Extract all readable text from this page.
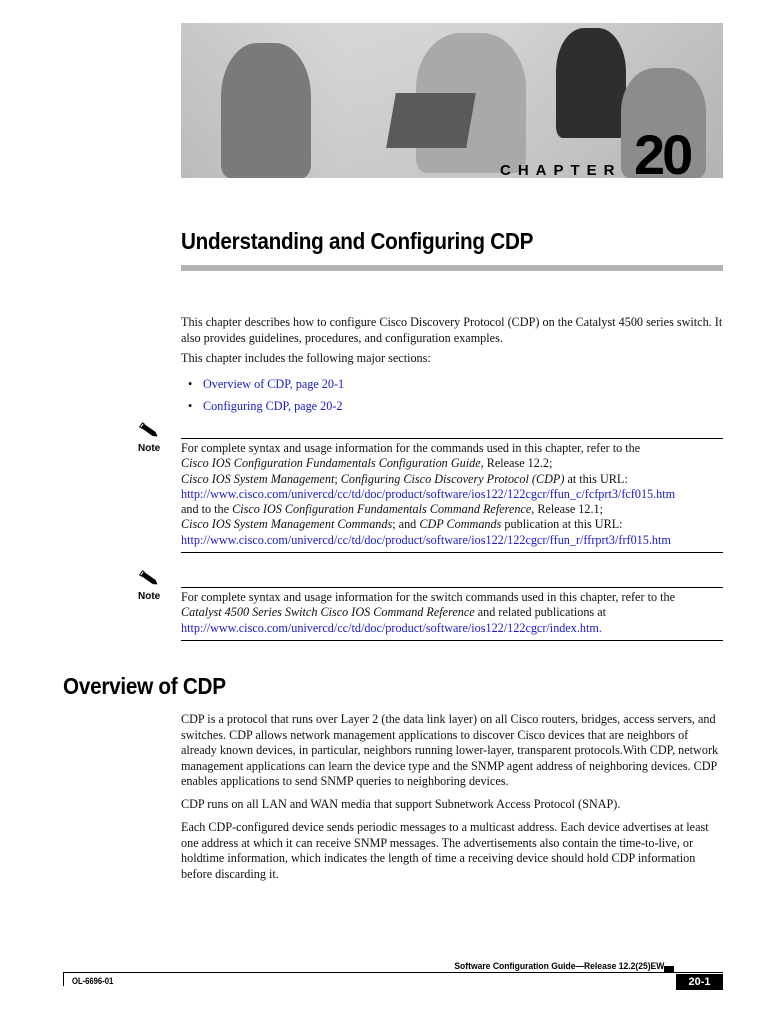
CHAPTER 20
Understanding and Configuring CDP

This chapter describes how to configure Cisco Discovery Protocol (CDP) on the Catalyst 4500 series switch. It also provides guidelines, procedures, and configuration examples.

This chapter includes the following major sections:

• Overview of CDP, page 20-1
• Configuring CDP, page 20-2
Note For complete syntax and usage information for the commands used in this chapter, refer to the
Cisco IOS Configuration Fundamentals Configuration Guide, Release 12.2;
Cisco IOS System Management; Configuring Cisco Discovery Protocol (CDP) at this URL:
http://www.cisco.com/univercd/cc/td/doc/product/software/ios122/122cgcr/ffun_c/fcfprt3/fcf015.htm
and to the Cisco IOS Configuration Fundamentals Command Reference, Release 12.1;
Cisco IOS System Management Commands; and CDP Commands publication at this URL:
http://www.cisco.com/univercd/cc/td/doc/product/software/ios122/122cgcr/ffun_r/ffrprt3/frf015.htm
Note For complete syntax and usage information for the switch commands used in this chapter, refer to the
Catalyst 4500 Series Switch Cisco IOS Command Reference and related publications at
http://www.cisco.com/univercd/cc/td/doc/product/software/ios122/122cgcr/index.htm.
Overview of CDP

CDP is a protocol that runs over Layer 2 (the data link layer) on all Cisco routers, bridges, access servers, and switches. CDP allows network management applications to discover Cisco devices that are neighbors of already known devices, in particular, neighbors running lower-layer, transparent protocols.With CDP, network management applications can learn the device type and the SNMP agent address of neighboring devices. CDP enables applications to send SNMP queries to neighboring devices.

CDP runs on all LAN and WAN media that support Subnetwork Access Protocol (SNAP).

Each CDP-configured device sends periodic messages to a multicast address. Each device advertises at least one address at which it can receive SNMP messages. The advertisements also contain the time-to-live, or holdtime information, which indicates the length of time a receiving device should hold CDP information before discarding it.

Software Configuration Guide—Release 12.2(25)EW
OL-6696-01	20-1
